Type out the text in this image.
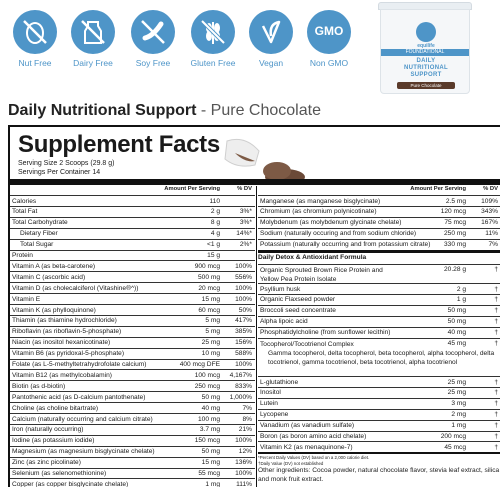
Nut Free	Dairy Free	Soy Free	Gluten Free	Vegan
GMO
Non GMO
equilife
FOUNDATIONAL
DAILY
NUTRITIONAL
SUPPORT
Pure Chocolate
Daily Nutritional Support - Pure Chocolate
Supplement Facts
Serving Size 2 Scoops (29.8 g)
Servings Per Container 14
Amount Per Serving	% DV
Calories	110
Total Fat	2 g	3%*
Total Carbohydrate	8 g	3%*
Dietary Fiber	4 g	14%*
Total Sugar	<1 g	2%*
Protein	15 g
Vitamin A (as beta-carotene)	900 mcg	100%
Vitamin C (ascorbic acid)	500 mg	556%
Vitamin D (as cholecalciferol (Vitashine®^))	20 mcg	100%
Vitamin E	15 mg	100%
Vitamin K (as phylloquinone)	60 mcg	50%
Thiamin (as thiamine hydrochloride)	5 mg	417%
Riboflavin (as riboflavin-5-phosphate)	5 mg	385%
Niacin (as inositol hexanicotinate)	25 mg	156%
Vitamin B6 (as pyridoxal-5-phosphate)	10 mg	588%
Folate (as L-5-methyltetrahydrofolate calcium)	400 mcg DFE	100%
Vitamin B12 (as methylcobalamin)	100 mcg	4,167%
Biotin (as d-biotin)	250 mcg	833%
Pantothenic acid (as D-calcium pantothenate)	50 mg	1,000%
Choline (as choline bitartrate)	40 mg	7%
Calcium (naturally occurring and calcium citrate)	100 mg	8%
Iron (naturally occurring)	3.7 mg	21%
Iodine (as potassium iodide)	150 mcg	100%
Magnesium (as magnesium bisglycinate chelate)	50 mg	12%
Zinc (as zinc picolinate)	15 mg	136%
Selenium (as selenomethionine)	55 mcg	100%
Copper (as copper bisglycinate chelate)	1 mg	111%
Amount Per Serving	% DV
Manganese (as manganese bisglycinate)	2.5 mg	109%
Chromium (as chromium polynicotinate)	120 mcg	343%
Molybdenum (as molybdenum glycinate chelate)	75 mcg	167%
Sodium (naturally occuring and from sodium chloride)	250 mg	11%
Potassium (naturally occurring and from potassium citrate)	330 mg	7%
Daily Detox & Antioxidant Formula
Organic Sprouted Brown Rice Protein and Yellow Pea Protein Isolate
20.28 g	†
Psyllium husk	2 g	†
Organic Flaxseed powder	1 g	†
Broccoli seed concentrate	50 mg	†
Alpha lipoic acid	50 mg	†
Phosphatidylcholine (from sunflower lecithin)	40 mg	†
Tocopherol/Tocotrienol Complex	45 mg	†
Gamma tocopherol, delta tocopherol, beta tocopherol, alpha tocopherol, delta tocotrienol, gamma tocotrienol, beta tocotrienol, alpha tocotrienol
L-glutathione	25 mg	†
Inositol	25 mg	†
Lutein	3 mg	†
Lycopene	2 mg	†
Vanadium (as vanadium sulfate)	1 mg	†
Boron (as boron amino acid chelate)	200 mcg	†
Vitamin K2 (as menaquinone-7)	45 mcg	†
*Percent Daily Values (DV) based on a 2,000 calorie diet.
†Daily Value (DV) not established
Other ingredients: Cocoa powder, natural chocolate flavor, stevia leaf extract, silica and monk fruit extract.
